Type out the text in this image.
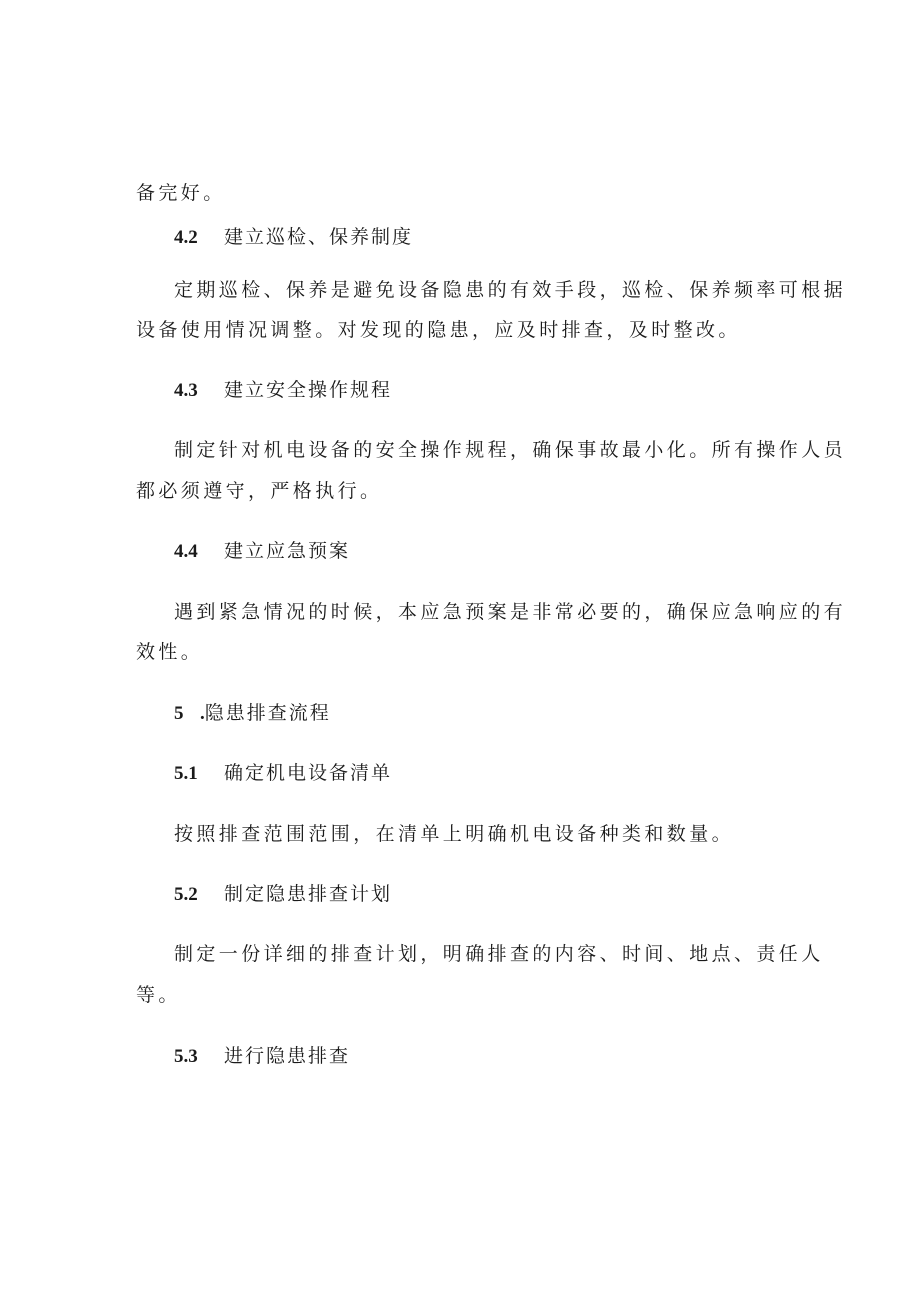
备完好。
4.2 建立巡检、保养制度
定期巡检、保养是避免设备隐患的有效手段，巡检、保养频率可根据
设备使用情况调整。对发现的隐患，应及时排查，及时整改。
4.3 建立安全操作规程
制定针对机电设备的安全操作规程，确保事故最小化。所有操作人员
都必须遵守，严格执行。
4.4 建立应急预案
遇到紧急情况的时候，本应急预案是非常必要的，确保应急响应的有
效性。
5 .隐患排查流程
5.1 确定机电设备清单
按照排查范围范围，在清单上明确机电设备种类和数量。
5.2 制定隐患排查计划
制定一份详细的排查计划，明确排查的内容、时间、地点、责任人
等。
5.3 进行隐患排查
